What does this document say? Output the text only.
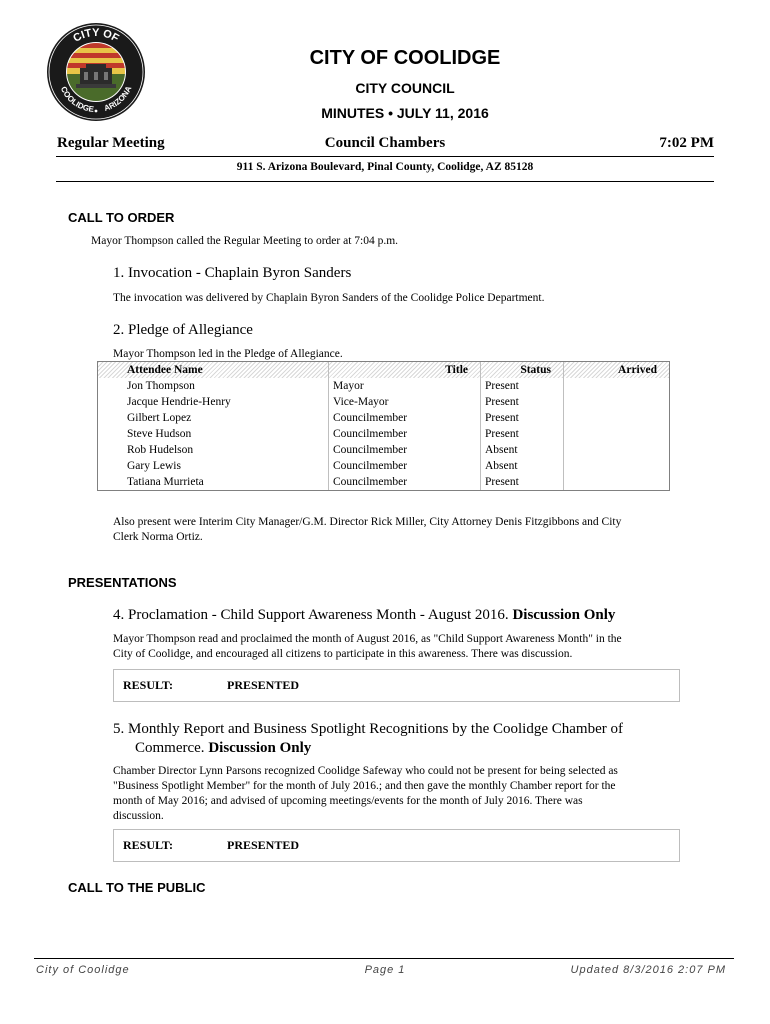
CITY OF
COOLIDGE ARIZONA
CITY OF COOLIDGE
CITY COUNCIL
MINUTES • JULY 11, 2016
Regular Meeting	Council Chambers	7:02 PM
911 S. Arizona Boulevard, Pinal County, Coolidge, AZ 85128
CALL TO ORDER
Mayor Thompson called the Regular Meeting to order at 7:04 p.m.
1. Invocation - Chaplain Byron Sanders
The invocation was delivered by Chaplain Byron Sanders of the Coolidge Police Department.
2. Pledge of Allegiance
Mayor Thompson led in the Pledge of Allegiance.
Attendee Name	Title	Status	Arrived
Jon Thompson	Mayor	Present
Jacque Hendrie-Henry	Vice-Mayor	Present
Gilbert Lopez	Councilmember	Present
Steve Hudson	Councilmember	Present
Rob Hudelson	Councilmember	Absent
Gary Lewis	Councilmember	Absent
Tatiana Murrieta	Councilmember	Present
Also present were Interim City Manager/G.M. Director Rick Miller, City Attorney Denis Fitzgibbons and City
Clerk Norma Ortiz.
PRESENTATIONS
4. Proclamation - Child Support Awareness Month - August 2016. Discussion Only
Mayor Thompson read and proclaimed the month of August 2016, as "Child Support Awareness Month" in the
City of Coolidge, and encouraged all citizens to participate in this awareness. There was discussion.
RESULT:	PRESENTED
5. Monthly Report and Business Spotlight Recognitions by the Coolidge Chamber of
Commerce. Discussion Only
Chamber Director Lynn Parsons recognized Coolidge Safeway who could not be present for being selected as
"Business Spotlight Member" for the month of July 2016.; and then gave the monthly Chamber report for the
month of May 2016; and advised of upcoming meetings/events for the month of July 2016. There was
discussion.
RESULT:	PRESENTED
CALL TO THE PUBLIC
City of Coolidge	Page 1	Updated 8/3/2016 2:07 PM
